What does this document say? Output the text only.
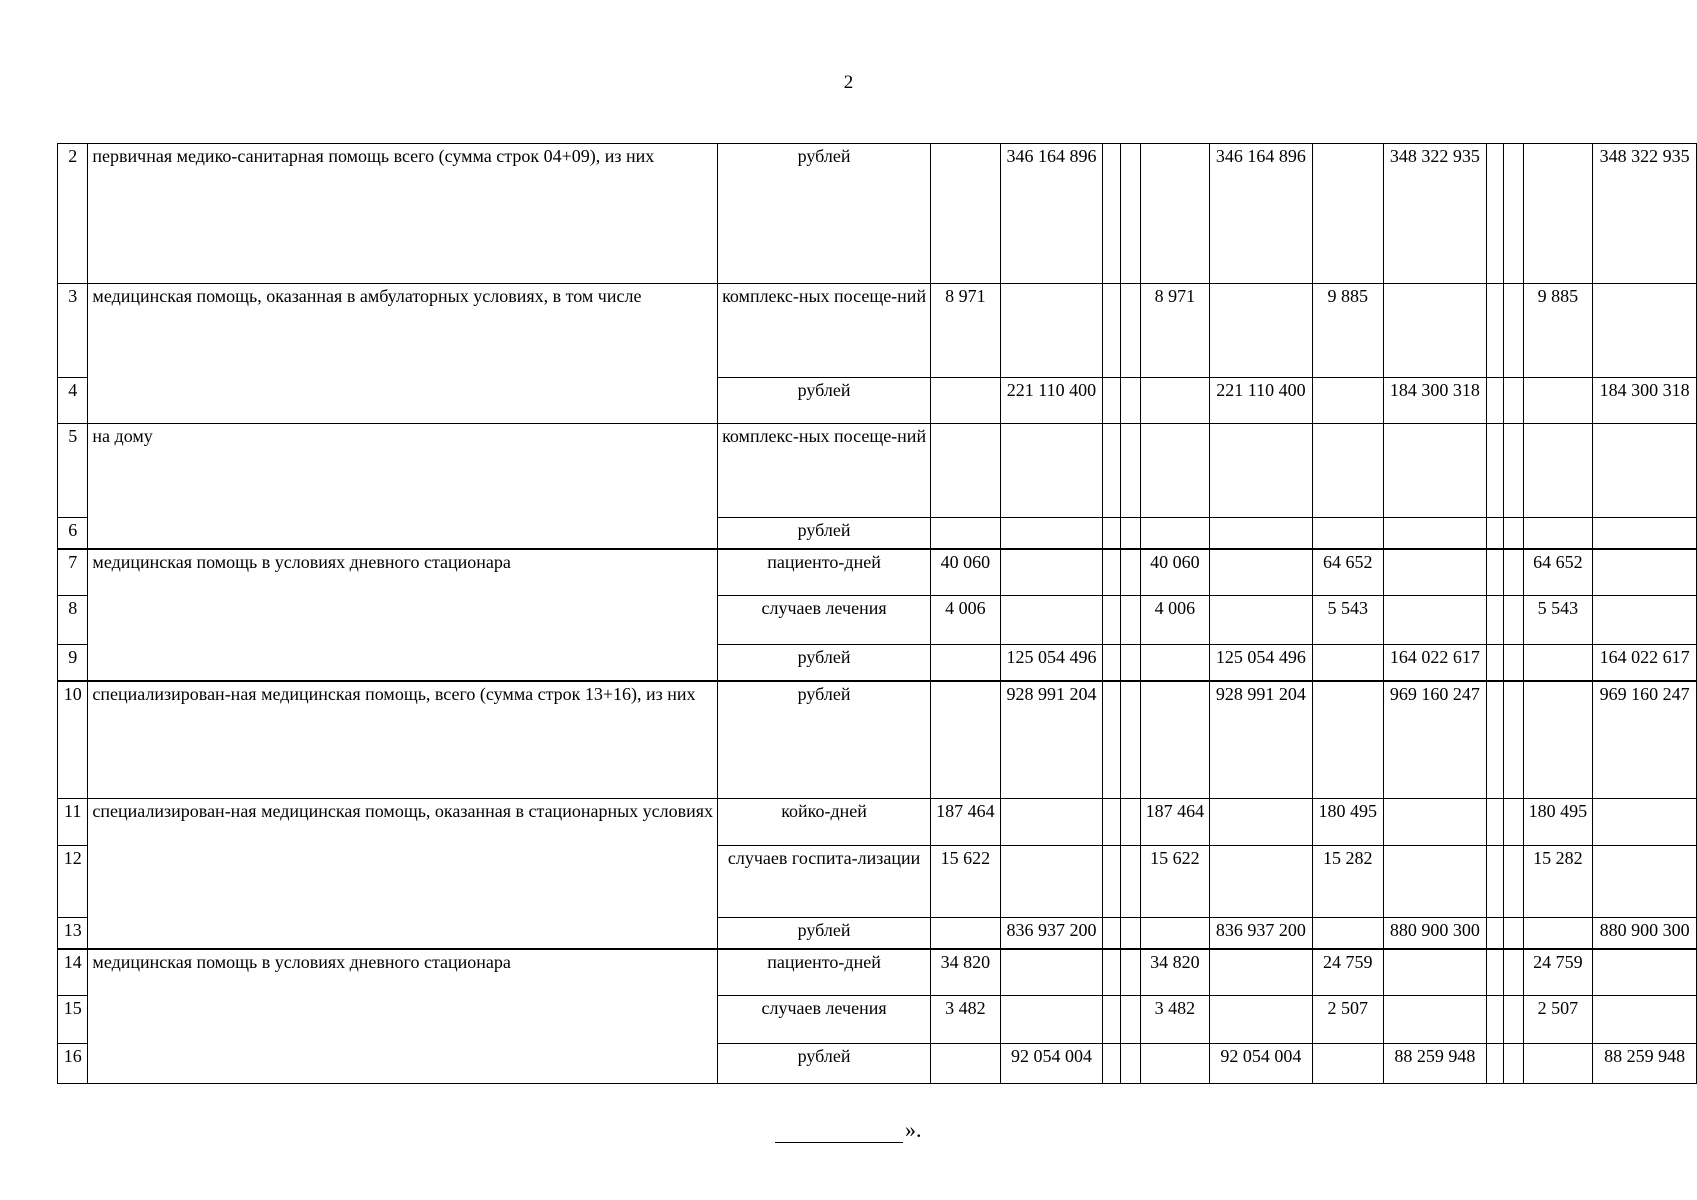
2
2	первичная медико-санитарная помощь всего (сумма строк 04+09), из них	рублей		346 164 896				346 164 896		348 322 935				348 322 935
3	медицинская помощь, оказанная в амбулаторных условиях, в том числе	комплекс-ных посеще-ний	8 971				8 971		9 885				9 885	
4		рублей		221 110 400				221 110 400		184 300 318				184 300 318
5	на дому	комплекс-ных посеще-ний												
6		рублей												
7	медицинская помощь в условиях дневного стационара	пациенто-дней	40 060				40 060		64 652				64 652	
8		случаев лечения	4 006				4 006		5 543				5 543	
9		рублей		125 054 496				125 054 496		164 022 617				164 022 617
10	специализирован-ная медицинская помощь, всего (сумма строк 13+16), из них	рублей		928 991 204				928 991 204		969 160 247				969 160 247
11	специализирован-ная медицинская помощь, оказанная в стационарных условиях	койко-дней	187 464				187 464		180 495				180 495	
12		случаев госпита-лизации	15 622				15 622		15 282				15 282	
13		рублей		836 937 200				836 937 200		880 900 300				880 900 300
14	медицинская помощь в условиях дневного стационара	пациенто-дней	34 820				34 820		24 759				24 759	
15		случаев лечения	3 482				3 482		2 507				2 507	
16		рублей		92 054 004				92 054 004		88 259 948				88 259 948
».
